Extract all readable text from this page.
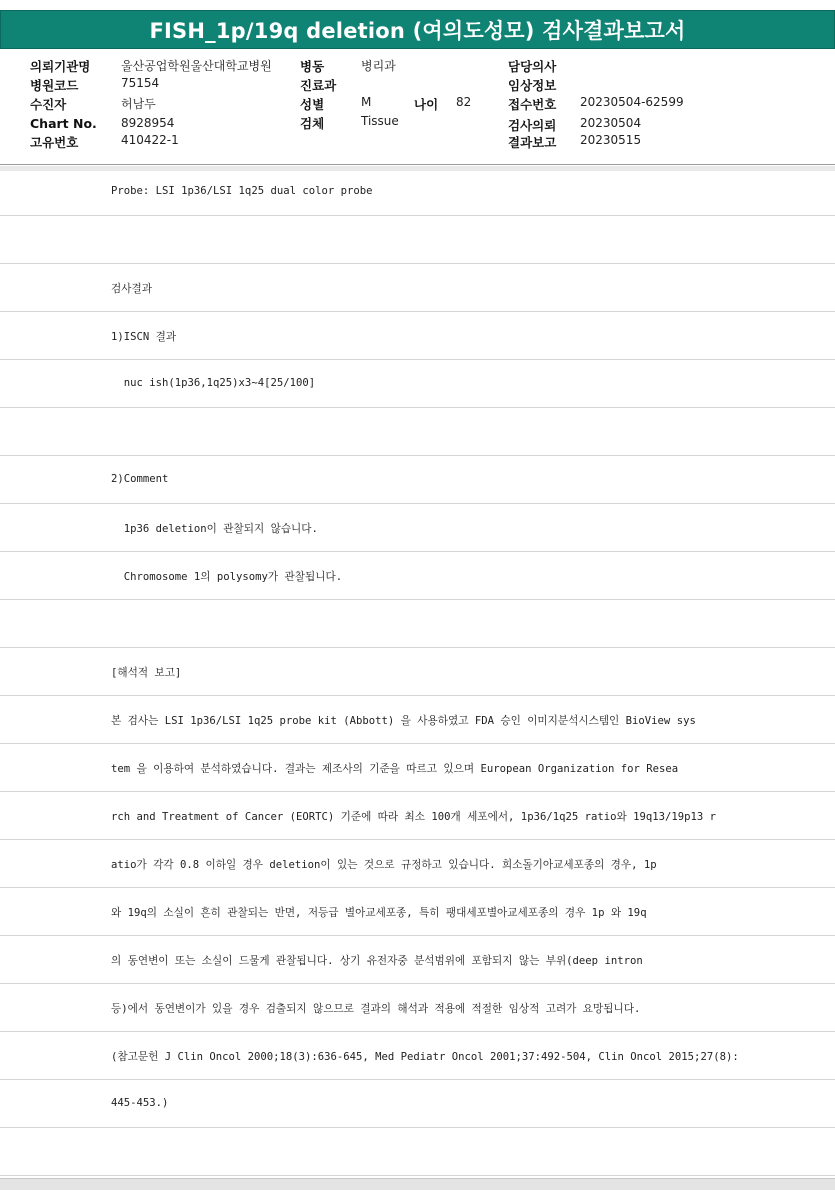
FISH_1p/19q deletion (여의도성모) 검사결과보고서
의뢰기관명	울산공업학원울산대학교병원
병원코드	75154
수진자	허남두
Chart No. 8928954
고유번호	410422-1
병동	병리과
진료과
성별	M	나이 82
검체	Tissue
담당의사
임상정보
접수번호 20230504-62599
검사의뢰 20230504
결과보고 20230515
Probe: LSI 1p36/LSI 1q25 dual color probe
검사결과
1)ISCN 결과
nuc ish(1p36,1q25)x3~4[25/100]
2)Comment
1p36 deletion이 관찰되지 않습니다.
Chromosome 1의 polysomy가 관찰됩니다.
[해석적 보고]
본 검사는 LSI 1p36/LSI 1q25 probe kit (Abbott) 을 사용하였고 FDA 승인 이미지분석시스템인 BioView sys
tem 을 이용하여 분석하였습니다. 결과는 제조사의 기준을 따르고 있으며 European Organization for Resea
rch and Treatment of Cancer (EORTC) 기준에 따라 최소 100개 세포에서, 1p36/1q25 ratio와 19q13/19p13 r
atio가 각각 0.8 이하일 경우 deletion이 있는 것으로 규정하고 있습니다. 희소돌기아교세포종의 경우, 1p
와 19q의 소실이 흔히 관찰되는 반면, 저등급 별아교세포종, 특히 팽대세포별아교세포종의 경우 1p 와 19q
의 동연변이 또는 소실이 드물게 관찰됩니다. 상기 유전자중 분석범위에 포함되지 않는 부위(deep intron
등)에서 동연변이가 있을 경우 검출되지 않으므로 결과의 해석과 적용에 적절한 임상적 고려가 요망됩니다.
(참고문헌 J Clin Oncol 2000;18(3):636-645, Med Pediatr Oncol 2001;37:492-504, Clin Oncol 2015;27(8):
445-453.)
